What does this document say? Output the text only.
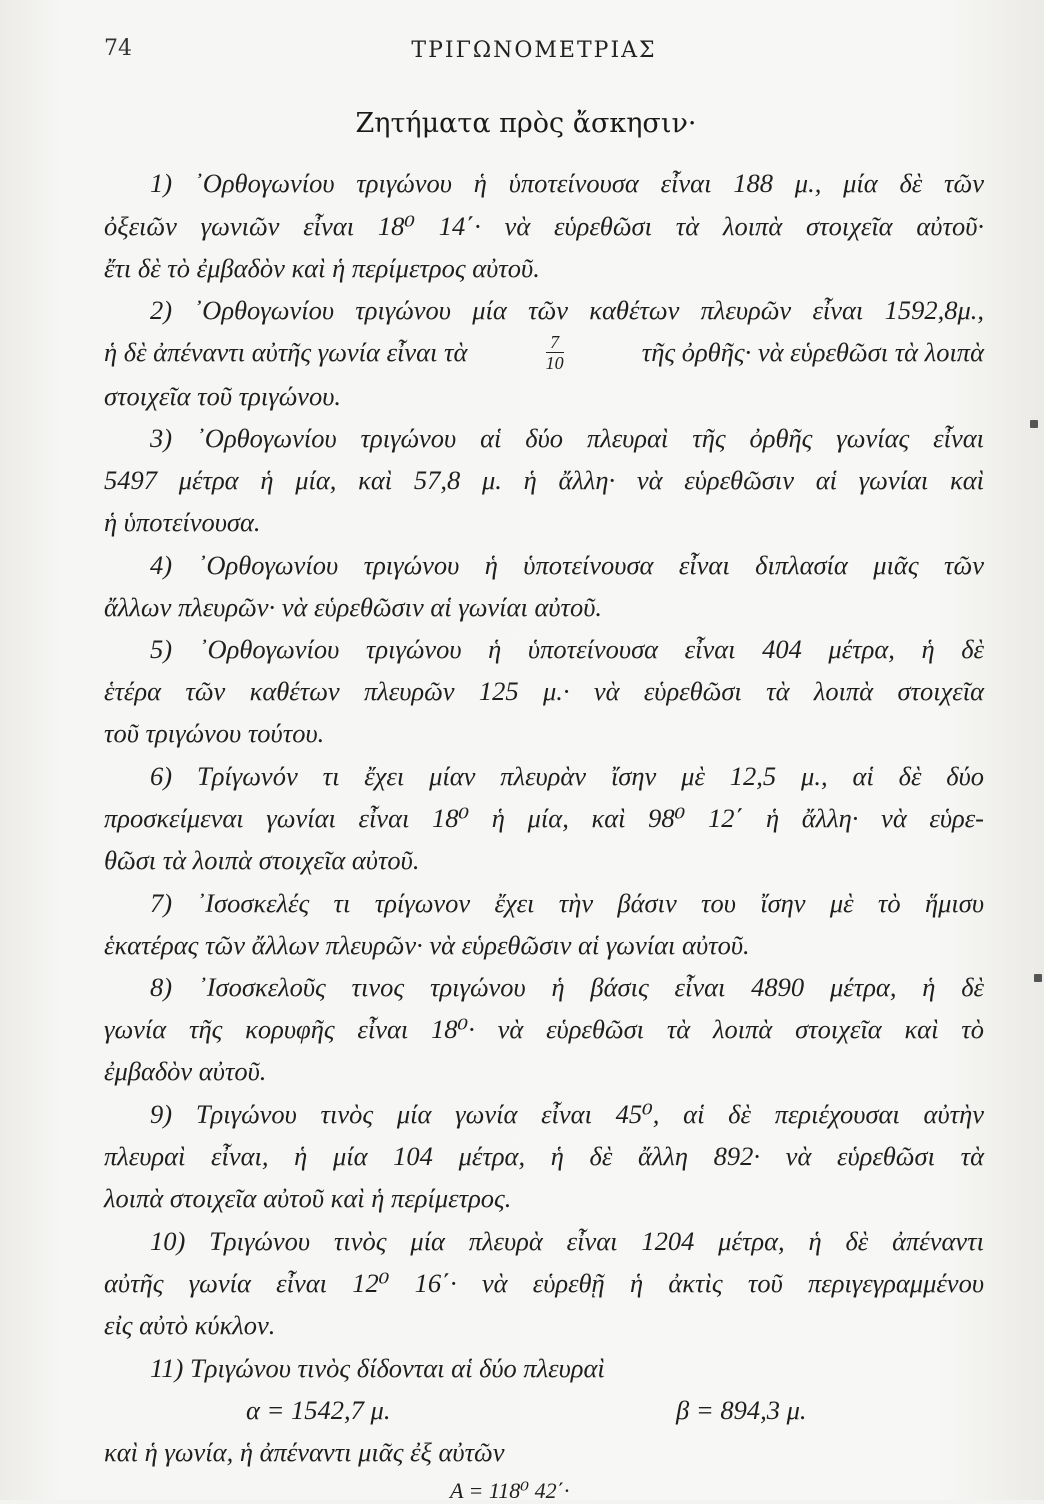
74	ΤΡΙΓΩΝΟΜΕΤΡΙΑΣ
Ζητήματα πρὸς ἄσκησιν·
1) ᾿Ορθογωνίου τριγώνου ἡ ὑποτείνουσα εἶναι 188 μ., μία δὲ τῶν
ὀξειῶν γωνιῶν εἶναι 18⁰ 14΄· νὰ εὑρεθῶσι τὰ λοιπὰ στοιχεῖα αὐτοῦ·
ἔτι δὲ τὸ ἐμβαδὸν καὶ ἡ περίμετρος αὐτοῦ.
2) ᾿Ορθογωνίου τριγώνου μία τῶν καθέτων πλευρῶν εἶναι 1592,8μ.,
ἡ δὲ ἀπέναντι αὐτῆς γωνία εἶναι τὰ	$\frac{7}{10}$	τῆς ὀρθῆς· νὰ εὑρεθῶσι τὰ λοιπὰ
στοιχεῖα τοῦ τριγώνου.
3) ᾿Ορθογωνίου τριγώνου αἱ δύο πλευραὶ τῆς ὀρθῆς γωνίας εἶναι
5497 μέτρα ἡ μία, καὶ 57,8 μ. ἡ ἄλλη· νὰ εὑρεθῶσιν αἱ γωνίαι καὶ
ἡ ὑποτείνουσα.
4) ᾿Ορθογωνίου τριγώνου ἡ ὑποτείνουσα εἶναι διπλασία μιᾶς τῶν
ἄλλων πλευρῶν· νὰ εὑρεθῶσιν αἱ γωνίαι αὐτοῦ.
5) ᾿Ορθογωνίου τριγώνου ἡ ὑποτείνουσα εἶναι 404 μέτρα, ἡ δὲ
ἑτέρα τῶν καθέτων πλευρῶν 125 μ.· νὰ εὑρεθῶσι τὰ λοιπὰ στοιχεῖα
τοῦ τριγώνου τούτου.
6) Τρίγωνόν τι ἔχει μίαν πλευρὰν ἴσην μὲ 12,5 μ., αἱ δὲ δύο
προσκείμεναι γωνίαι εἶναι 18⁰ ἡ μία, καὶ 98⁰ 12΄ ἡ ἄλλη· νὰ εὑρε-
θῶσι τὰ λοιπὰ στοιχεῖα αὐτοῦ.
7) ᾿Ισοσκελές τι τρίγωνον ἔχει τὴν βάσιν του ἴσην μὲ τὸ ἥμισυ
ἑκατέρας τῶν ἄλλων πλευρῶν· νὰ εὑρεθῶσιν αἱ γωνίαι αὐτοῦ.
8) ᾿Ισοσκελοῦς τινος τριγώνου ἡ βάσις εἶναι 4890 μέτρα, ἡ δὲ
γωνία τῆς κορυφῆς εἶναι 18⁰· νὰ εὑρεθῶσι τὰ λοιπὰ στοιχεῖα καὶ τὸ
ἐμβαδὸν αὐτοῦ.
9) Τριγώνου τινὸς μία γωνία εἶναι 45⁰, αἱ δὲ περιέχουσαι αὐτὴν
πλευραὶ εἶναι, ἡ μία 104 μέτρα, ἡ δὲ ἄλλη 892· νὰ εὑρεθῶσι τὰ
λοιπὰ στοιχεῖα αὐτοῦ καὶ ἡ περίμετρος.
10) Τριγώνου τινὸς μία πλευρὰ εἶναι 1204 μέτρα, ἡ δὲ ἀπέναντι
αὐτῆς γωνία εἶναι 12⁰ 16΄· νὰ εὑρεθῇ ἡ ἀκτὶς τοῦ περιγεγραμμένου
εἰς αὐτὸ κύκλον.
11) Τριγώνου τινὸς δίδονται αἱ δύο πλευραὶ
α = 1542,7 μ.	β = 894,3 μ.
καὶ ἡ γωνία, ἡ ἀπέναντι μιᾶς ἐξ αὐτῶν
Α = 118⁰ 42΄·
